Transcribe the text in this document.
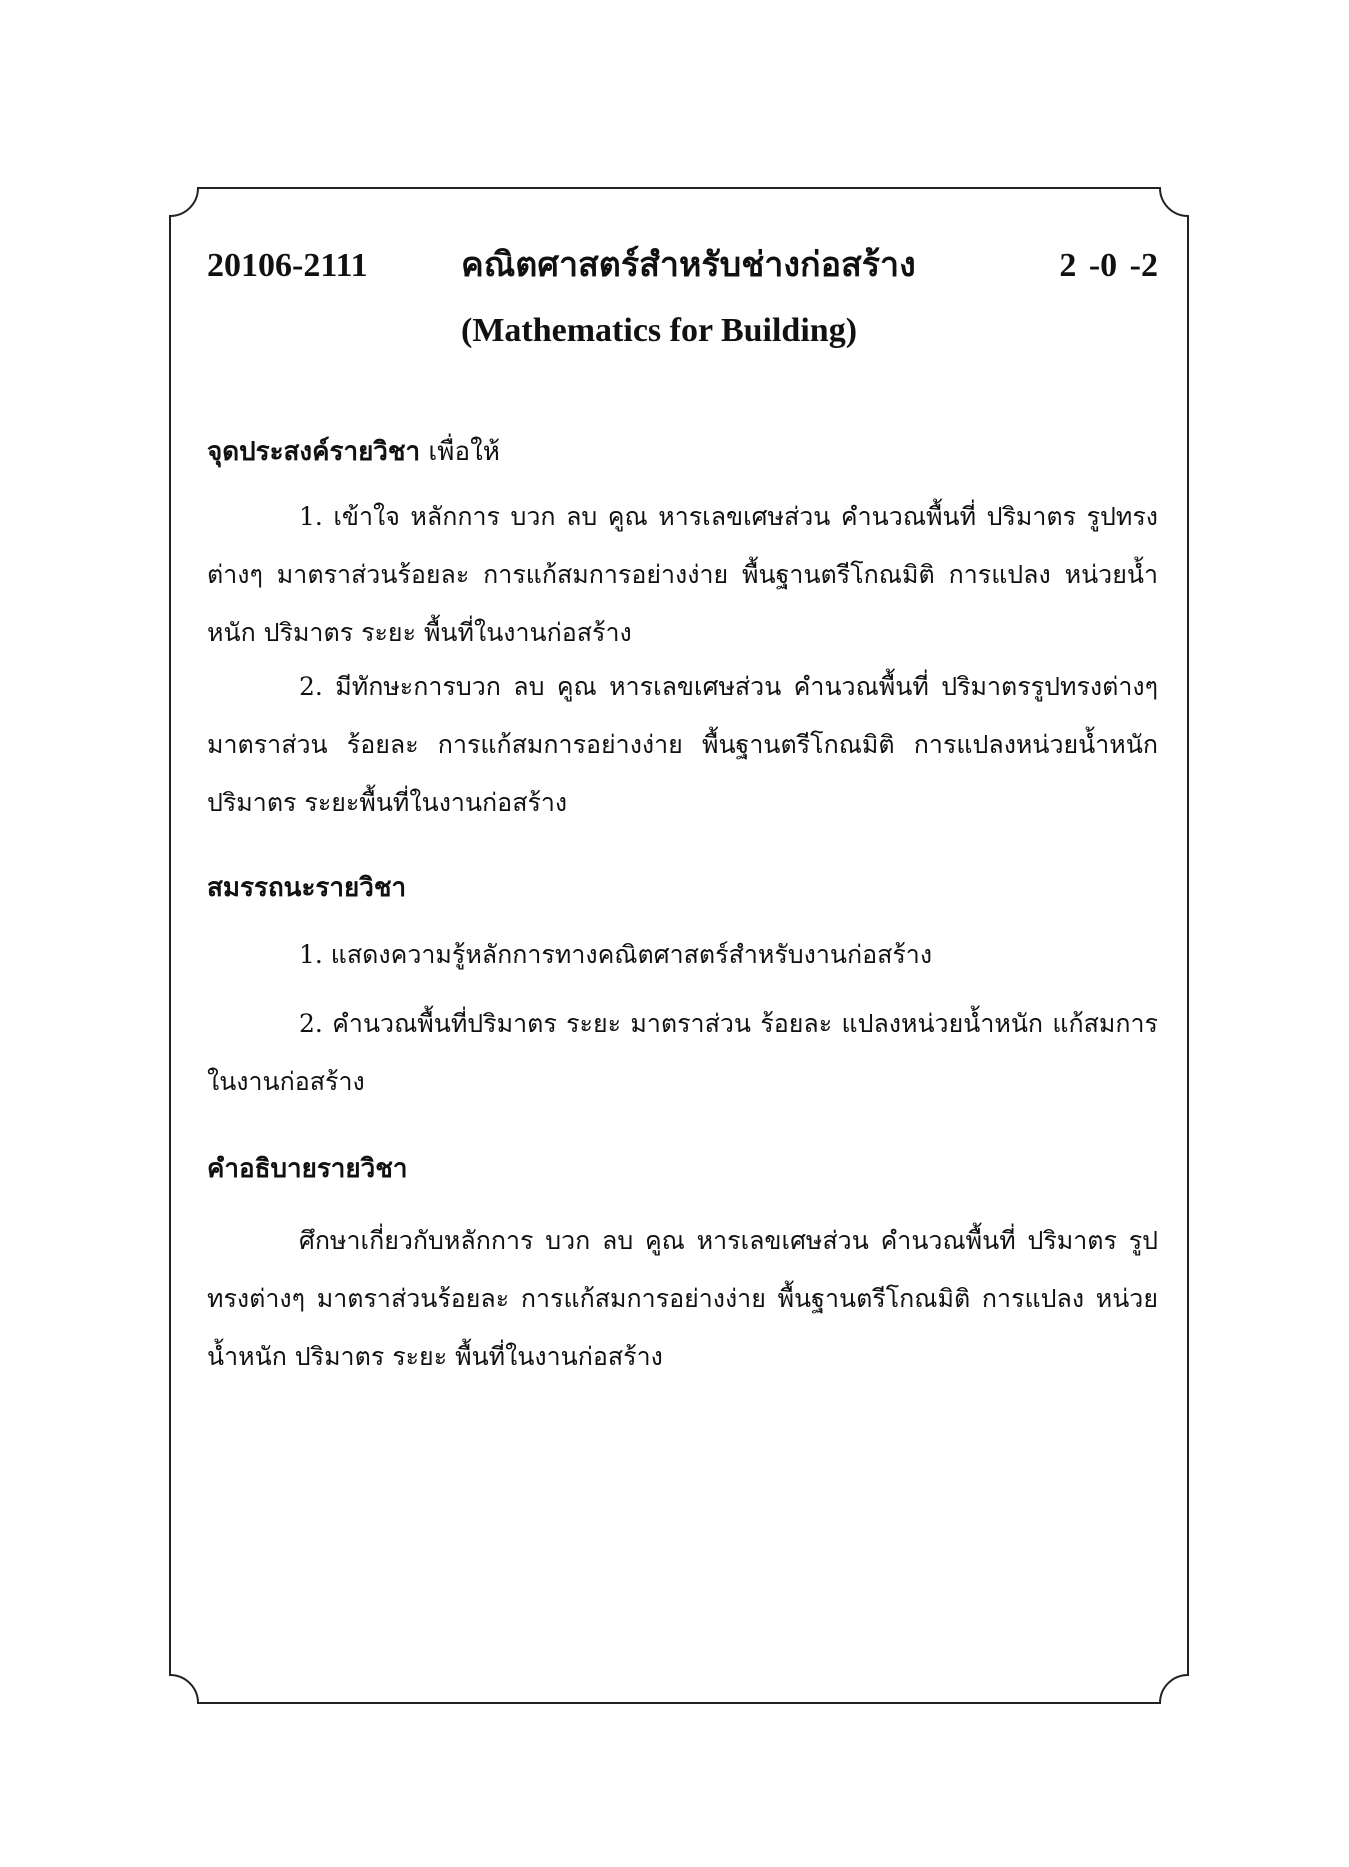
20106-2111	คณิตศาสตร์สำหรับช่างก่อสร้าง	2 -0 -2
(Mathematics for Building)
จุดประสงค์รายวิชา เพื่อให้
1. เข้าใจ หลักการ บวก ลบ คูณ หารเลขเศษส่วน คำนวณพื้นที่ ปริมาตร รูปทรงต่างๆ มาตราส่วนร้อยละ การแก้สมการอย่างง่าย พื้นฐานตรีโกณมิติ การแปลง หน่วยน้ำหนัก ปริมาตร ระยะ พื้นที่ในงานก่อสร้าง
2. มีทักษะการบวก ลบ คูณ หารเลขเศษส่วน คำนวณพื้นที่ ปริมาตรรูปทรงต่างๆ มาตราส่วน ร้อยละ การแก้สมการอย่างง่าย พื้นฐานตรีโกณมิติ การแปลงหน่วยน้ำหนัก ปริมาตร ระยะพื้นที่ในงานก่อสร้าง
สมรรถนะรายวิชา
1. แสดงความรู้หลักการทางคณิตศาสตร์สำหรับงานก่อสร้าง
2. คำนวณพื้นที่ปริมาตร ระยะ มาตราส่วน ร้อยละ แปลงหน่วยน้ำหนัก แก้สมการในงานก่อสร้าง
คำอธิบายรายวิชา
ศึกษาเกี่ยวกับหลักการ บวก ลบ คูณ หารเลขเศษส่วน คำนวณพื้นที่ ปริมาตร รูปทรงต่างๆ มาตราส่วนร้อยละ การแก้สมการอย่างง่าย พื้นฐานตรีโกณมิติ การแปลง หน่วยน้ำหนัก ปริมาตร ระยะ พื้นที่ในงานก่อสร้าง
